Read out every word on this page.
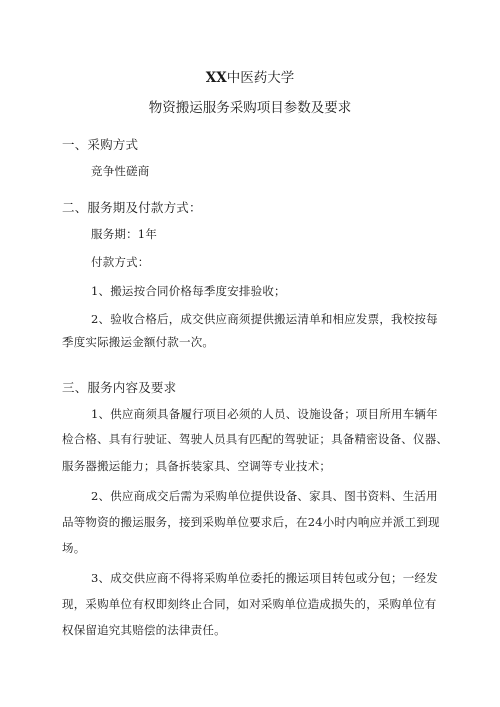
XX中医药大学
物资搬运服务采购项目参数及要求
一、采购方式
竞争性磋商
二、服务期及付款方式：
服务期：1年
付款方式：
1、搬运按合同价格每季度安排验收；
2、验收合格后，成交供应商须提供搬运清单和相应发票，我校按每
季度实际搬运金额付款一次。
三、服务内容及要求
1、供应商须具备履行项目必须的人员、设施设备；项目所用车辆年
检合格、具有行驶证、驾驶人员具有匹配的驾驶证；具备精密设备、仪器、
服务器搬运能力；具备拆装家具、空调等专业技术；
2、供应商成交后需为采购单位提供设备、家具、图书资料、生活用
品等物资的搬运服务，接到采购单位要求后，在24小时内响应并派工到现
场。
3、成交供应商不得将采购单位委托的搬运项目转包或分包；一经发
现，采购单位有权即刻终止合同，如对采购单位造成损失的，采购单位有
权保留追究其赔偿的法律责任。
